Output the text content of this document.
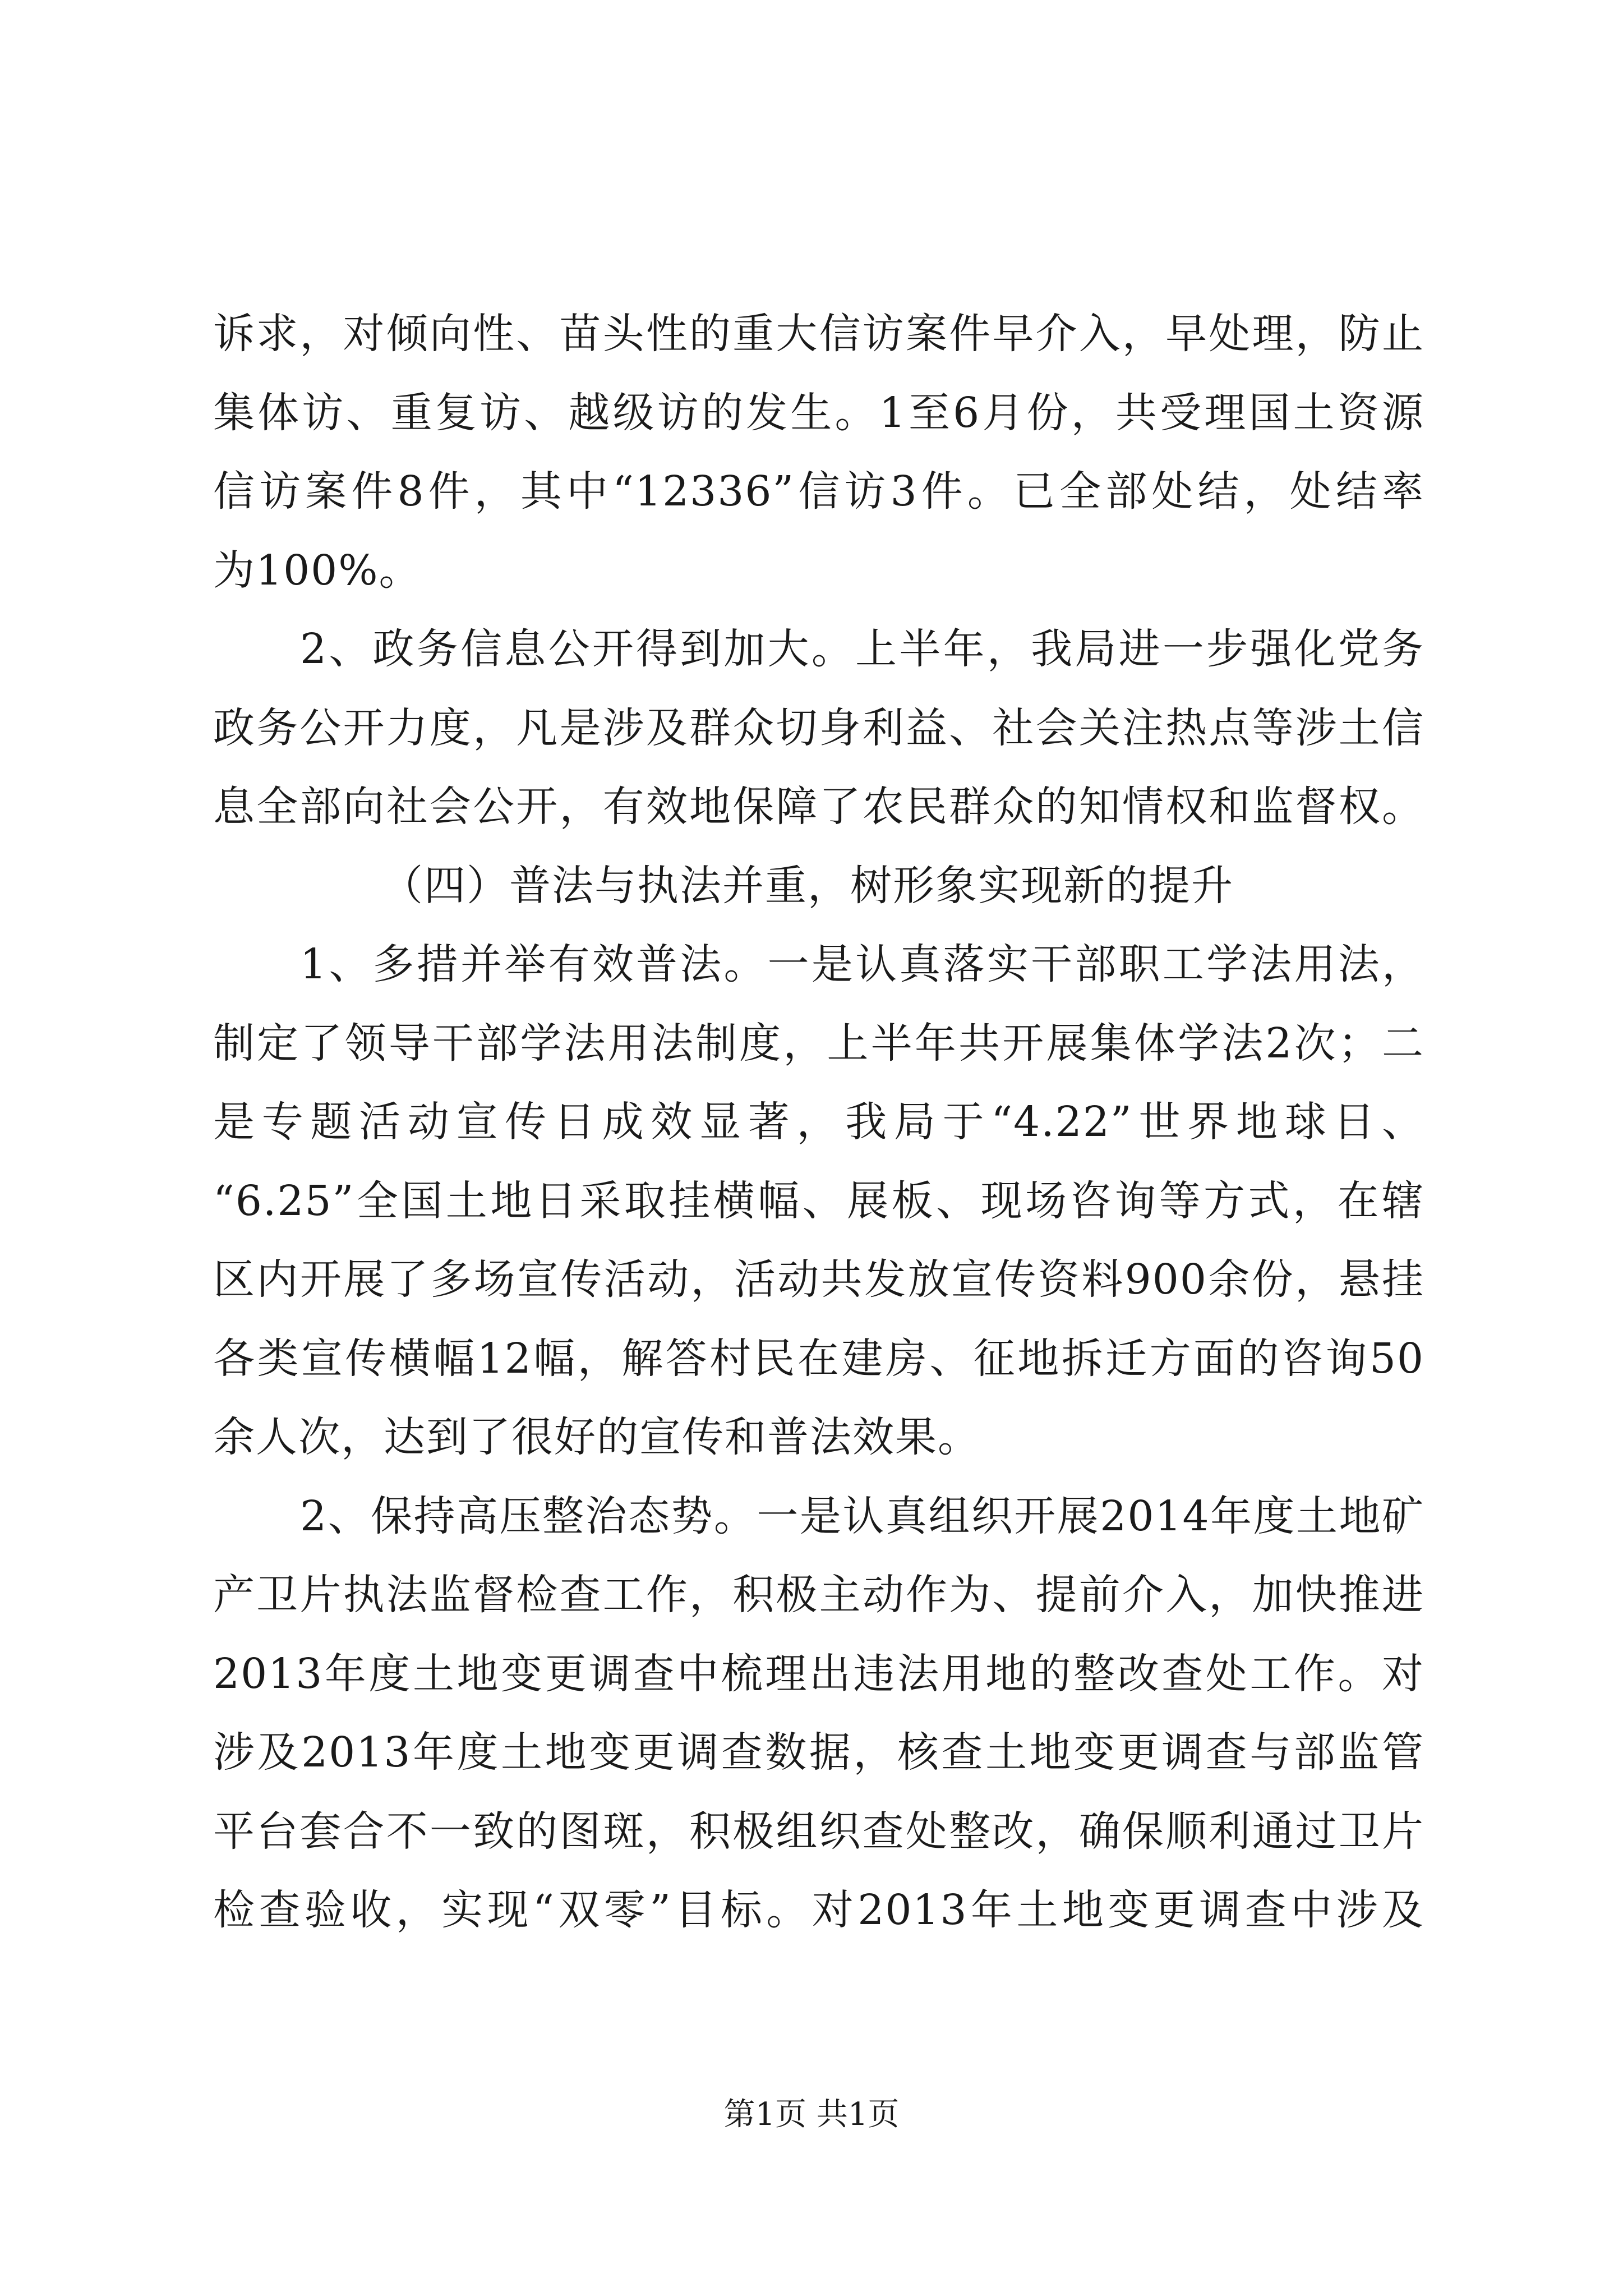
诉求，对倾向性、苗头性的重大信访案件早介入，早处理，防止
集体访、重复访、越级访的发生。1至6月份，共受理国土资源
信访案件8件，其中“12336”信访3件。已全部处结，处结率
为100%。
2、政务信息公开得到加大。上半年，我局进一步强化党务
政务公开力度，凡是涉及群众切身利益、社会关注热点等涉土信
息全部向社会公开，有效地保障了农民群众的知情权和监督权。
（四）普法与执法并重，树形象实现新的提升
1、多措并举有效普法。一是认真落实干部职工学法用法，
制定了领导干部学法用法制度，上半年共开展集体学法2次；二
是专题活动宣传日成效显著，我局于“4.22”世界地球日、
“6.25”全国土地日采取挂横幅、展板、现场咨询等方式，在辖
区内开展了多场宣传活动，活动共发放宣传资料900余份，悬挂
各类宣传横幅12幅，解答村民在建房、征地拆迁方面的咨询50
余人次，达到了很好的宣传和普法效果。
2、保持高压整治态势。一是认真组织开展2014年度土地矿
产卫片执法监督检查工作，积极主动作为、提前介入，加快推进
2013年度土地变更调查中梳理出违法用地的整改查处工作。对
涉及2013年度土地变更调查数据，核查土地变更调查与部监管
平台套合不一致的图斑，积极组织查处整改，确保顺利通过卫片
检查验收，实现“双零”目标。对2013年土地变更调查中涉及
第1页 共1页
